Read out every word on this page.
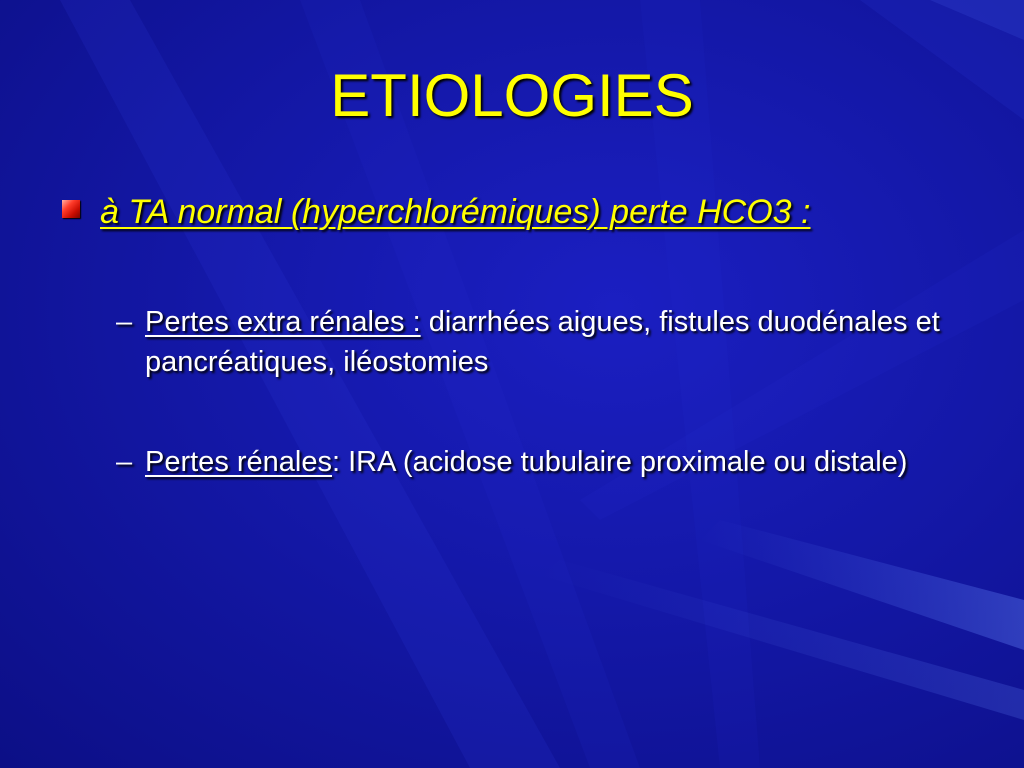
ETIOLOGIES
à TA normal (hyperchlorémiques) perte HCO3 :
– Pertes extra rénales : diarrhées aigues, fistules duodénales et pancréatiques, iléostomies
– Pertes rénales: IRA (acidose tubulaire proximale ou distale)
